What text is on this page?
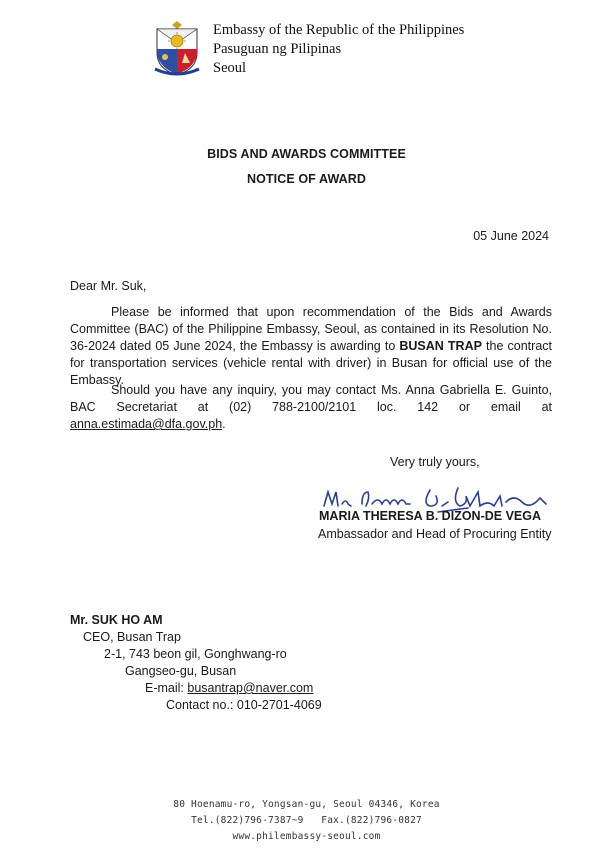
Embassy of the Republic of the Philippines
Pasuguan ng Pilipinas
Seoul
BIDS AND AWARDS COMMITTEE
NOTICE OF AWARD
05 June 2024
Dear Mr. Suk,
Please be informed that upon recommendation of the Bids and Awards Committee (BAC) of the Philippine Embassy, Seoul, as contained in its Resolution No. 36-2024 dated 05 June 2024, the Embassy is awarding to BUSAN TRAP the contract for transportation services (vehicle rental with driver) in Busan for official use of the Embassy.
Should you have any inquiry, you may contact Ms. Anna Gabriella E. Guinto, BAC Secretariat at (02) 788-2100/2101 loc. 142 or email at anna.estimada@dfa.gov.ph.
Very truly yours,
MARIA THERESA B. DIZON-DE VEGA
Ambassador and Head of Procuring Entity
Mr. SUK HO AM
CEO, Busan Trap
2-1, 743 beon gil, Gonghwang-ro
Gangseo-gu, Busan
E-mail: busantrap@naver.com
Contact no.: 010-2701-4069
80 Hoenamu-ro, Yongsan-gu, Seoul 04346, Korea
Tel.(822)796-7387~9   Fax.(822)796-0827
www.philembassy-seoul.com
